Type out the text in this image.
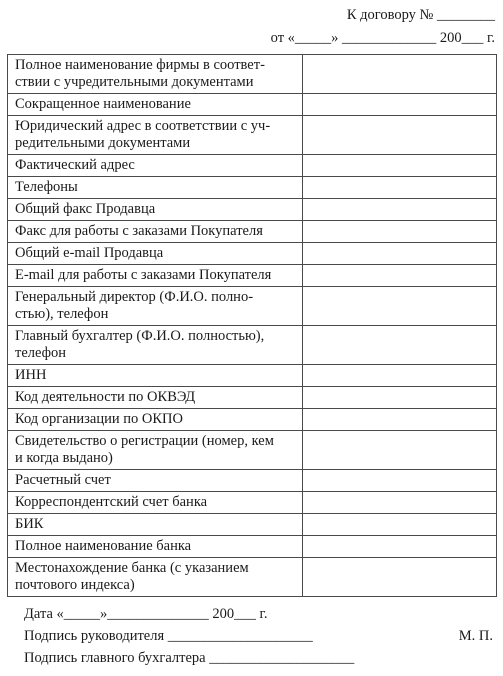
К договору № ________
от «_____» _____________ 200___ г.
Полное наименование фирмы в соответ-
ствии с учредительными документами	
Сокращенное наименование	
Юридический адрес в соответствии с уч-
редительными документами	
Фактический адрес	
Телефоны	
Общий факс Продавца	
Факс для работы с заказами Покупателя	
Общий e-mail Продавца	
E-mail для работы с заказами Покупателя	
Генеральный директор (Ф.И.О. полно-
стью), телефон	
Главный бухгалтер (Ф.И.О. полностью),
телефон	
ИНН	
Код деятельности по ОКВЭД	
Код организации по ОКПО	
Свидетельство о регистрации (номер, кем
и когда выдано)	
Расчетный счет	
Корреспондентский счет банка	
БИК	
Полное наименование банка	
Местонахождение банка (с указанием
почтового индекса)	
Дата «_____»______________ 200___ г.
Подпись руководителя ____________________
Подпись главного бухгалтера ____________________
М. П.
